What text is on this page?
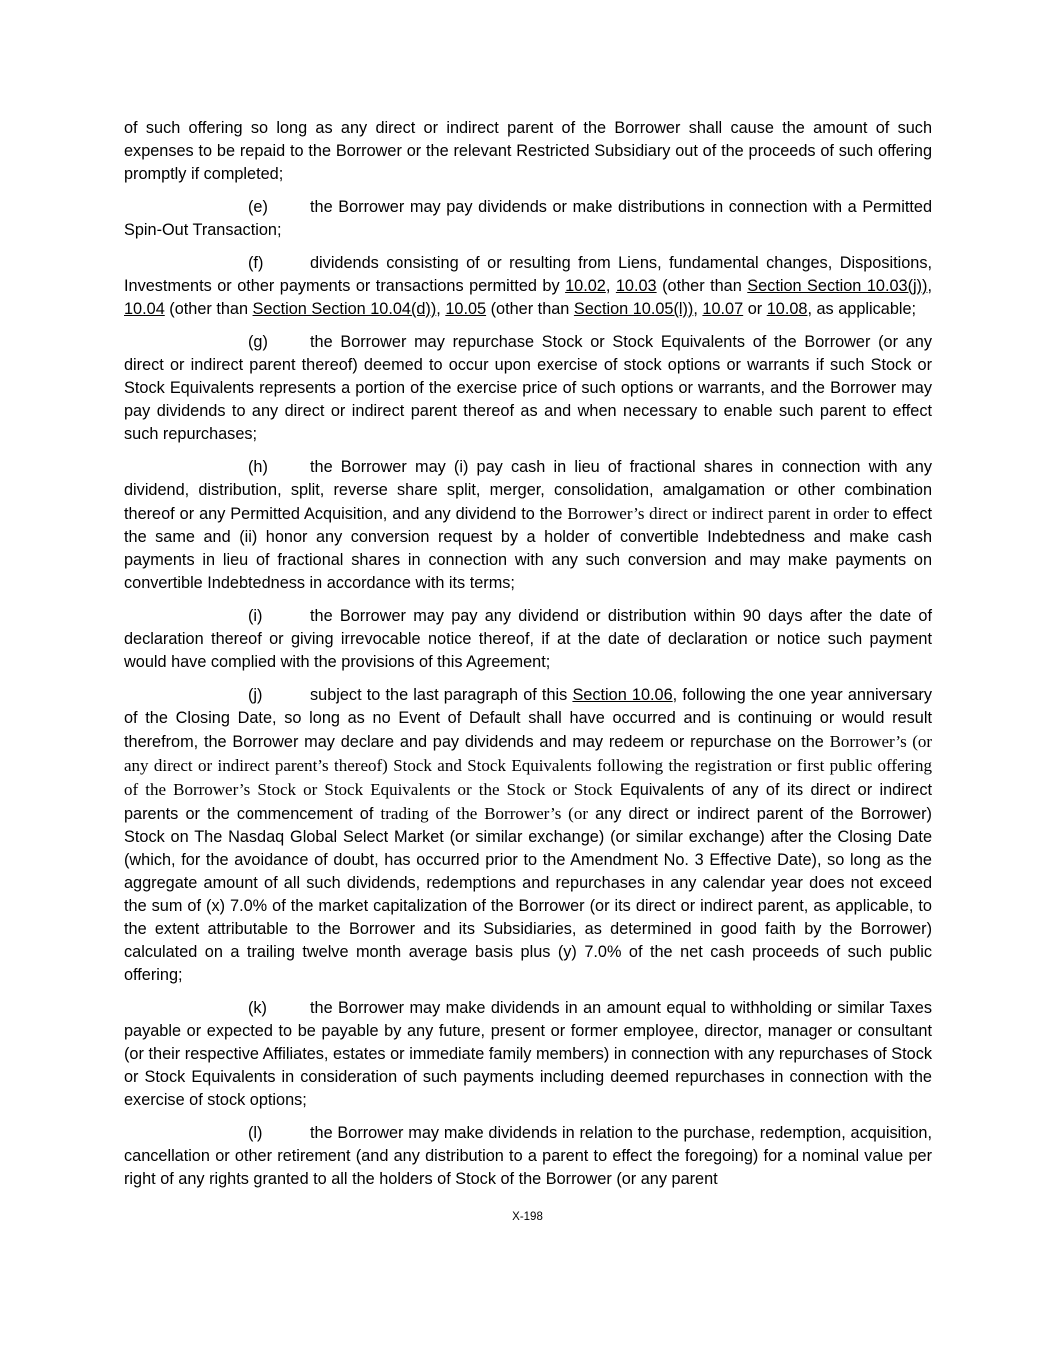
of such offering so long as any direct or indirect parent of the Borrower shall cause the amount of such expenses to be repaid to the Borrower or the relevant Restricted Subsidiary out of the proceeds of such offering promptly if completed;

(e)	the Borrower may pay dividends or make distributions in connection with a Permitted Spin-Out Transaction;

(f)	dividends consisting of or resulting from Liens, fundamental changes, Dispositions, Investments or other payments or transactions permitted by 10.02, 10.03 (other than Section Section 10.03(j)), 10.04 (other than Section Section 10.04(d)), 10.05 (other than Section 10.05(l)), 10.07 or 10.08, as applicable;

(g)	the Borrower may repurchase Stock or Stock Equivalents of the Borrower (or any direct or indirect parent thereof) deemed to occur upon exercise of stock options or warrants if such Stock or Stock Equivalents represents a portion of the exercise price of such options or warrants, and the Borrower may pay dividends to any direct or indirect parent thereof as and when necessary to enable such parent to effect such repurchases;

(h)	the Borrower may (i) pay cash in lieu of fractional shares in connection with any dividend, distribution, split, reverse share split, merger, consolidation, amalgamation or other combination thereof or any Permitted Acquisition, and any dividend to the Borrower’s direct or indirect parent in order to effect the same and (ii) honor any conversion request by a holder of convertible Indebtedness and make cash payments in lieu of fractional shares in connection with any such conversion and may make payments on convertible Indebtedness in accordance with its terms;

(i)	the Borrower may pay any dividend or distribution within 90 days after the date of declaration thereof or giving irrevocable notice thereof, if at the date of declaration or notice such payment would have complied with the provisions of this Agreement;

(j)	subject to the last paragraph of this Section 10.06, following the one year anniversary of the Closing Date, so long as no Event of Default shall have occurred and is continuing or would result therefrom, the Borrower may declare and pay dividends and may redeem or repurchase on the Borrower’s (or any direct or indirect parent’s thereof) Stock and Stock Equivalents following the registration or first public offering of the Borrower’s Stock or Stock Equivalents or the Stock or Stock Equivalents of any of its direct or indirect parents or the commencement of trading of the Borrower’s (or any direct or indirect parent of the Borrower) Stock on The Nasdaq Global Select Market (or similar exchange) (or similar exchange) after the Closing Date (which, for the avoidance of doubt, has occurred prior to the Amendment No. 3 Effective Date), so long as the aggregate amount of all such dividends, redemptions and repurchases in any calendar year does not exceed the sum of (x) 7.0% of the market capitalization of the Borrower (or its direct or indirect parent, as applicable, to the extent attributable to the Borrower and its Subsidiaries, as determined in good faith by the Borrower) calculated on a trailing twelve month average basis plus (y) 7.0% of the net cash proceeds of such public offering;

(k)	the Borrower may make dividends in an amount equal to withholding or similar Taxes payable or expected to be payable by any future, present or former employee, director, manager or consultant (or their respective Affiliates, estates or immediate family members) in connection with any repurchases of Stock or Stock Equivalents in consideration of such payments including deemed repurchases in connection with the exercise of stock options;

(l)	the Borrower may make dividends in relation to the purchase, redemption, acquisition, cancellation or other retirement (and any distribution to a parent to effect the foregoing) for a nominal value per right of any rights granted to all the holders of Stock of the Borrower (or any parent

X-198
